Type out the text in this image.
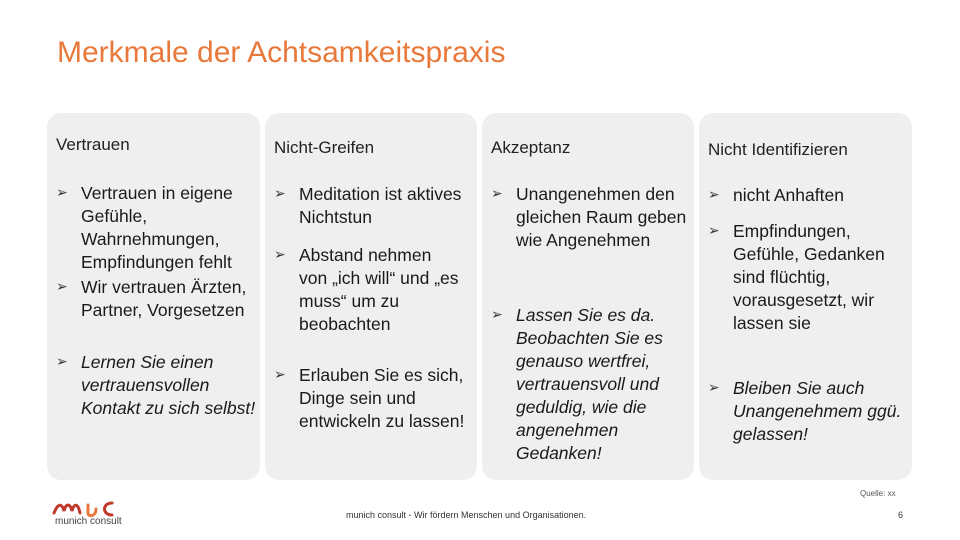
Merkmale der Achtsamkeitspraxis
Vertrauen
➢ Vertrauen in eigene Gefühle, Wahrnehmungen, Empfindungen fehlt
➢ Wir vertrauen Ärzten, Partner, Vorgesetzen
➢ Lernen Sie einen vertrauensvollen Kontakt zu sich selbst!
Nicht-Greifen
➢ Meditation ist aktives Nichtstun
➢ Abstand nehmen von „ich will“ und „es muss“ um zu beobachten
➢ Erlauben Sie es sich, Dinge sein und entwickeln zu lassen!
Akzeptanz
➢ Unangenehmen den gleichen Raum geben wie Angenehmen
➢ Lassen Sie es da. Beobachten Sie es genauso wertfrei, vertrauensvoll und geduldig, wie die angenehmen Gedanken!
Nicht Identifizieren
➢ nicht Anhaften
➢ Empfindungen, Gefühle, Gedanken sind flüchtig, vorausgesetzt, wir lassen sie
➢ Bleiben Sie auch Unangenehmem ggü. gelassen!
munich consult
Quelle: xx
munich consult - Wir fördern Menschen und Organisationen.	6
